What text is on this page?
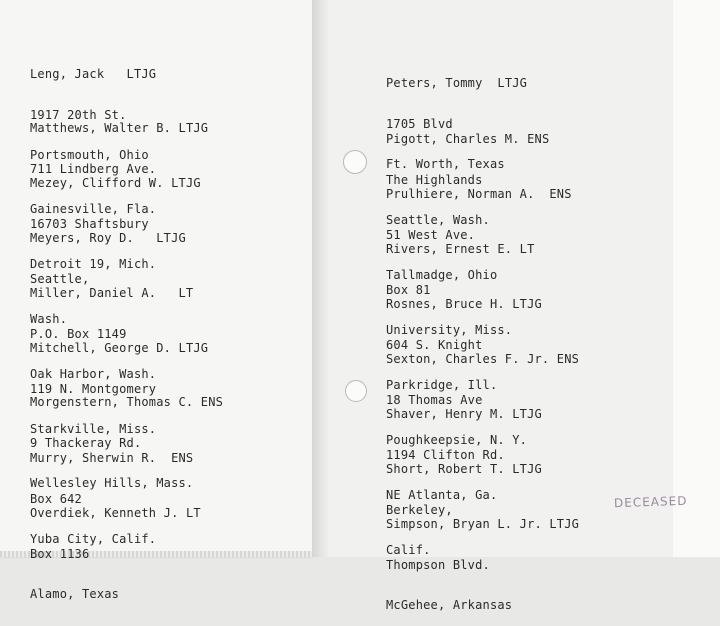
Leng, Jack LTJG

1917 20th St.

Portsmouth, Ohio

Matthews, Walter B. LTJG

711 Lindberg Ave.

Gainesville, Fla.

Mezey, Clifford W. LTJG

16703 Shaftsbury

Detroit 19, Mich.

Meyers, Roy D. LTJG

Seattle,

Wash.

Miller, Daniel A. LT

P.O. Box 1149

Oak Harbor, Wash.

Mitchell, George D. LTJG

119 N. Montgomery

Starkville, Miss.

Morgenstern, Thomas C. ENS

9 Thackeray Rd.

Wellesley Hills, Mass.

Murry, Sherwin R. ENS

Box 642

Yuba City, Calif.

Overdiek, Kenneth J. LT

Box 1136

Alamo, Texas

Peters, Tommy LTJG

1705 Blvd

Ft. Worth, Texas

Pigott, Charles M. ENS

The Highlands

Seattle, Wash.

Prulhiere, Norman A. ENS

51 West Ave.

Tallmadge, Ohio

Rivers, Ernest E. LT

Box 81

University, Miss.

Rosnes, Bruce H. LTJG

604 S. Knight

Parkridge, Ill.

Sexton, Charles F. Jr. ENS

18 Thomas Ave

Poughkeepsie, N. Y.

Shaver, Henry M. LTJG

1194 Clifton Rd.

NE Atlanta, Ga.

Short, Robert T. LTJG

Berkeley,

Calif.

Simpson, Bryan L. Jr. LTJG

Thompson Blvd.

McGehee, Arkansas

DECEASED
